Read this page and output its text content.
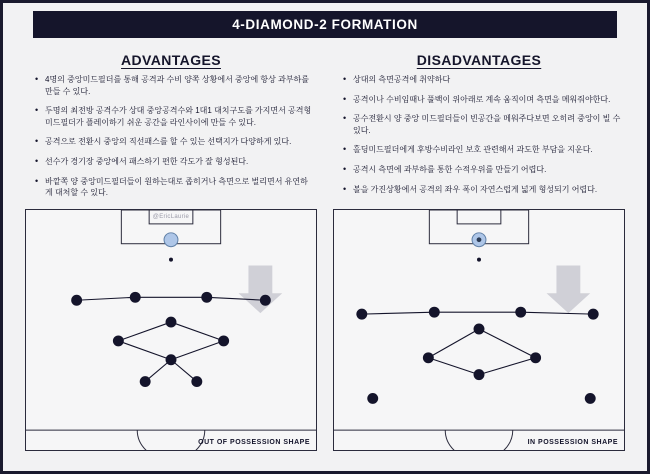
4-DIAMOND-2 FORMATION
ADVANTAGES
• 4명의 중앙미드필더를 통해 공격과 수비 양쪽 상황에서 중앙에 항상 과부하를 만들 수 있다.
• 두명의 최전방 공격수가 상대 중앙공격수와 1대1 대치구도를 가지면서 공격형 미드필더가 플레이하기 쉬운 공간을 라인사이에 만들 수 있다.
• 공격으로 전환시 중앙의 직선패스를 할 수 있는 선택지가 다양하게 있다.
• 선수가 경기장 중앙에서 패스하기 편한 각도가 잘 형성된다.
• 바깥쪽 양 중앙미드필더들이 원하는대로 좁히거나 측면으로 벌리면서 유연하게 대처할 수 있다.
DISADVANTAGES
• 상대의 측면공격에 취약하다
• 공격이나 수비임때나 풀백이 위아래로 계속 움직이며 측면을 메워줘야한다.
• 공수전환시 양 중앙 미드필더들이 빈공간을 메워주다보면 오히려 중앙이 빌 수 있다.
• 홀딩미드필더에게 후방수비라인 보호 관련해서 과도한 부담을 지운다.
• 공격시 측면에 과부하를 통한 수적우위를 만들기 어렵다.
• 볼을 가진상황에서 공격의 좌우 폭이 자연스럽게 넓게 형성되기 어렵다.
@EricLaurie
OUT OF POSSESSION SHAPE	IN POSSESSION SHAPE
